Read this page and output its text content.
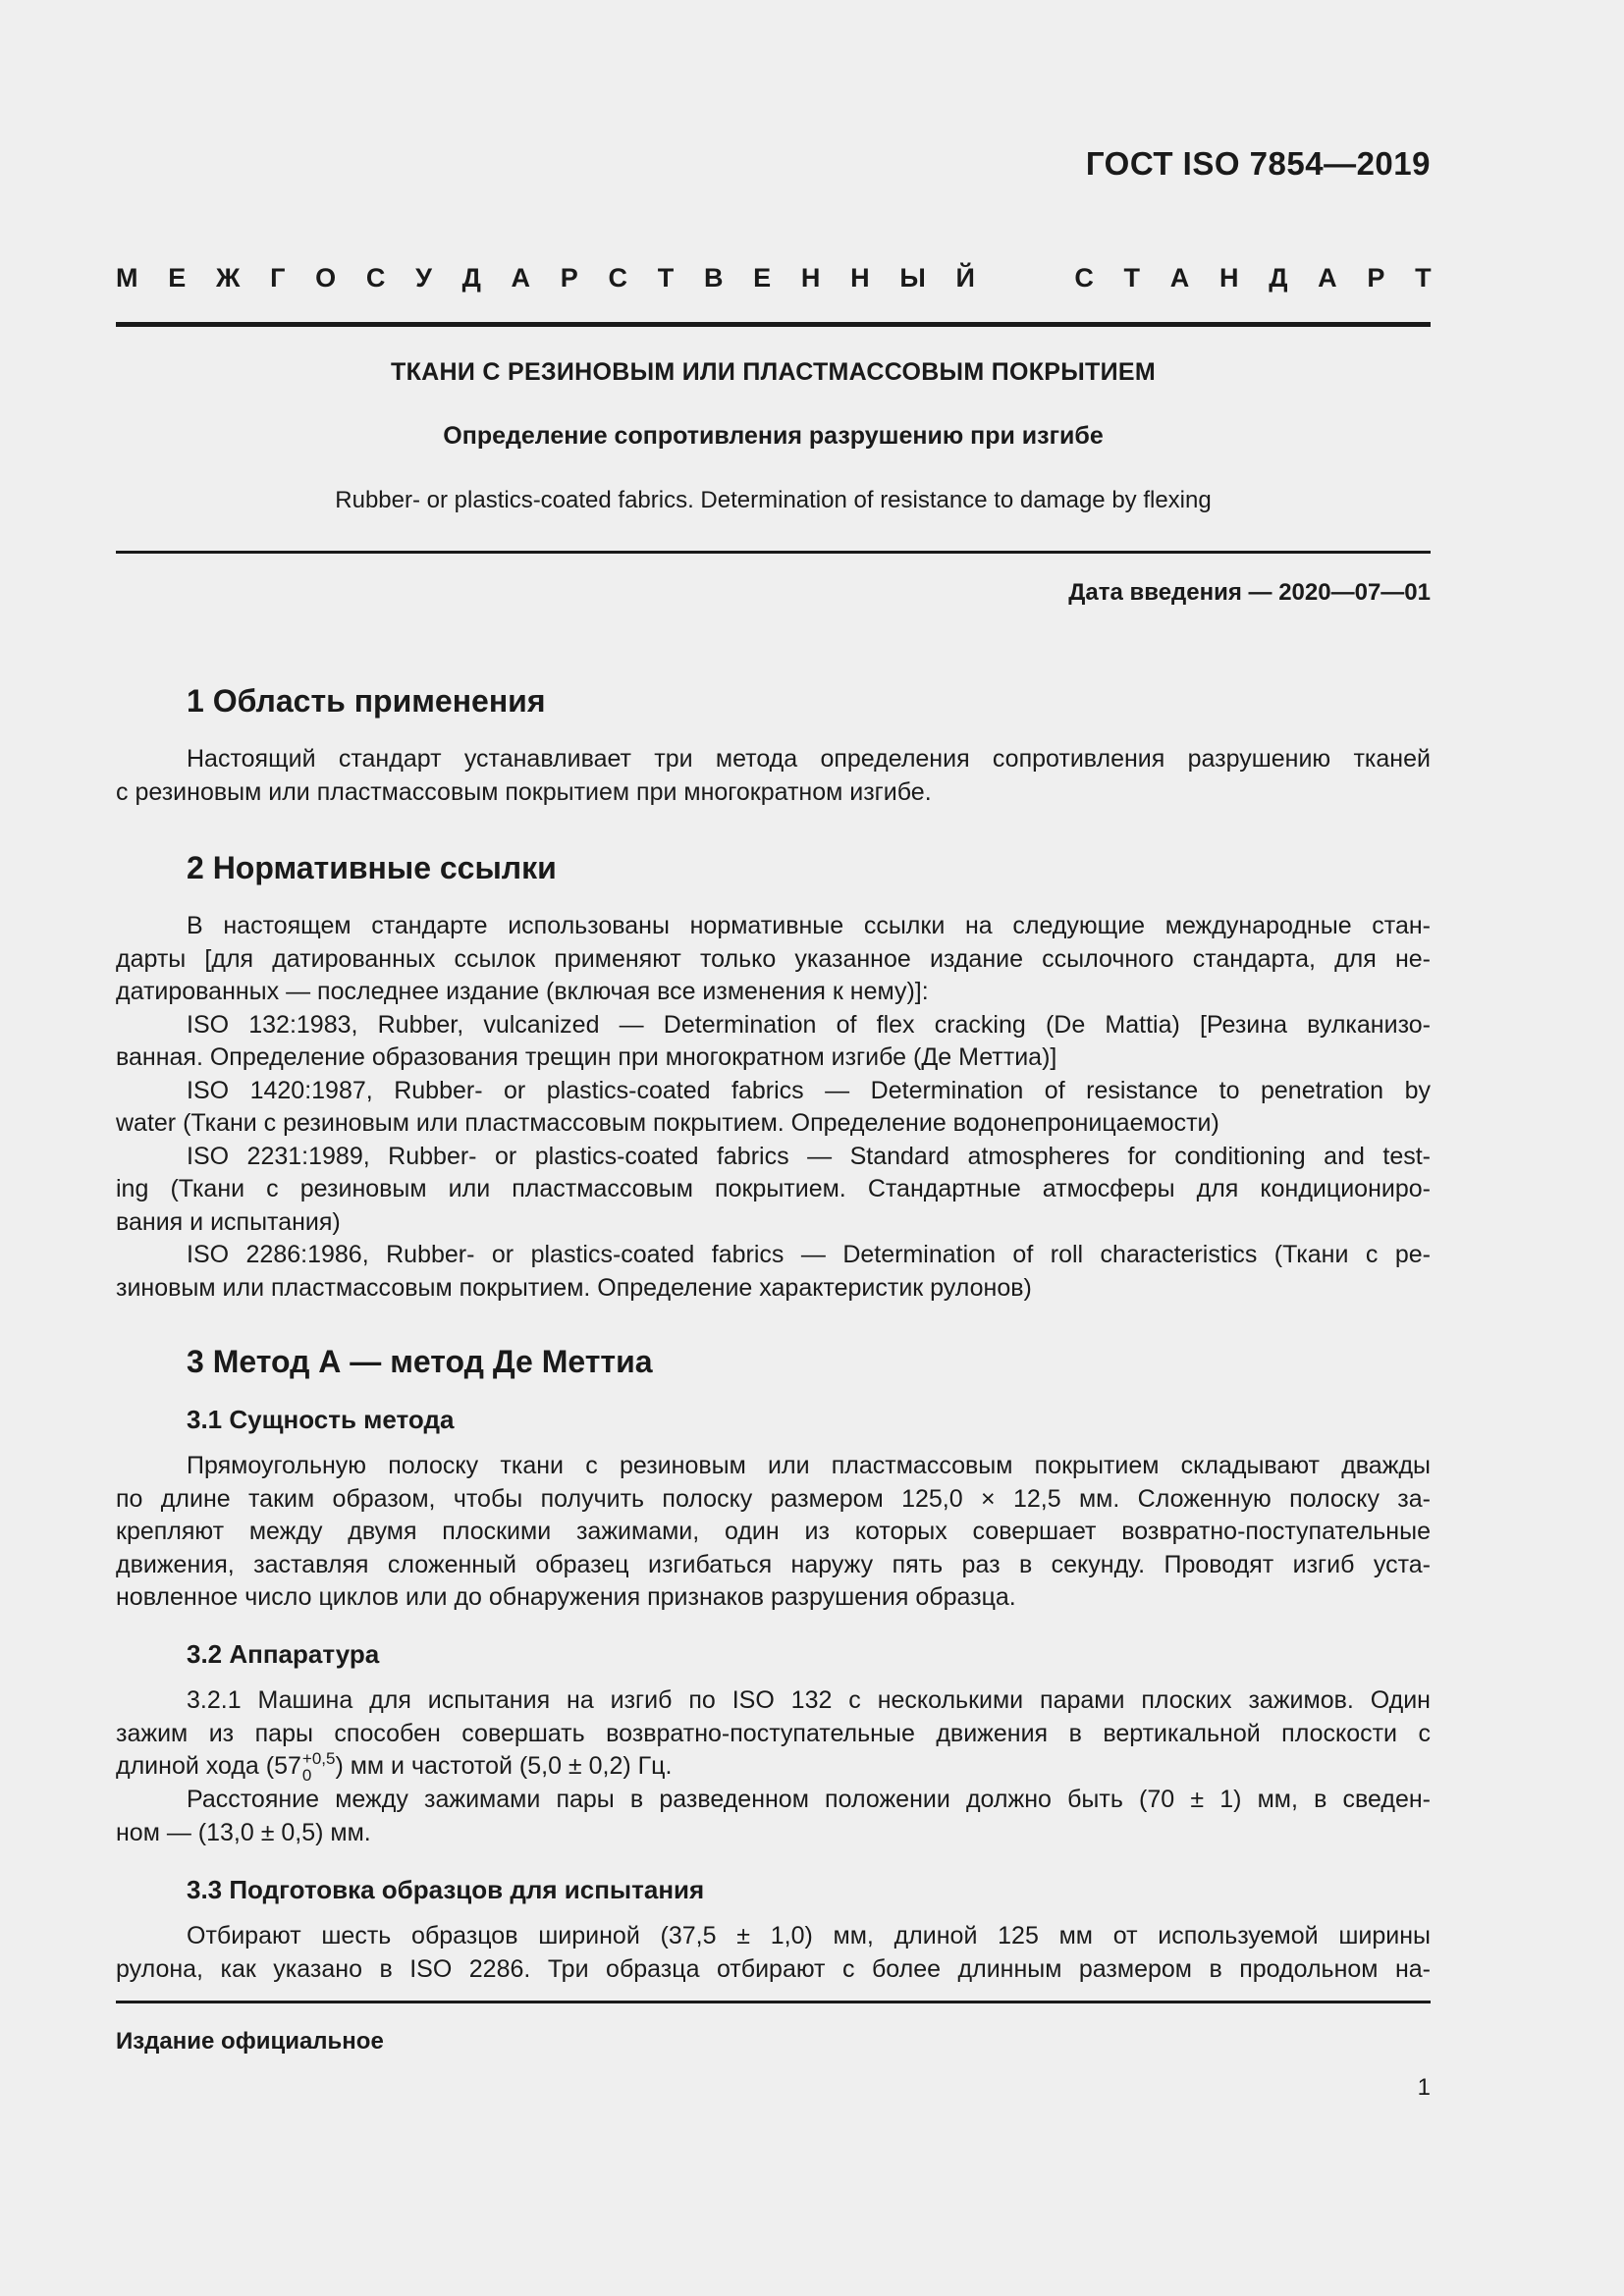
ГОСТ ISO 7854—2019
М Е Ж Г О С У Д А Р С Т В Е Н Н Ы Й	С Т А Н Д А Р Т
ТКАНИ С РЕЗИНОВЫМ ИЛИ ПЛАСТМАССОВЫМ ПОКРЫТИЕМ
Определение сопротивления разрушению при изгибе
Rubber- or plastics-coated fabrics. Determination of resistance to damage by flexing
Дата введения — 2020—07—01
1 Область применения
Настоящий стандарт устанавливает три метода определения сопротивления разрушению тканей
с резиновым или пластмассовым покрытием при многократном изгибе.
2 Нормативные ссылки
В настоящем стандарте использованы нормативные ссылки на следующие международные стан-
дарты [для датированных ссылок применяют только указанное издание ссылочного стандарта, для не-
датированных — последнее издание (включая все изменения к нему)]:
ISO 132:1983, Rubber, vulcanized — Determination of flex cracking (De Mattia) [Резина вулканизо-
ванная. Определение образования трещин при многократном изгибе (Де Меттиа)]
ISO 1420:1987, Rubber- or plastics-coated fabrics — Determination of resistance to penetration by
water (Ткани с резиновым или пластмассовым покрытием. Определение водонепроницаемости)
ISO 2231:1989, Rubber- or plastics-coated fabrics — Standard atmospheres for conditioning and test-
ing (Ткани с резиновым или пластмассовым покрытием. Стандартные атмосферы для кондициониро-
вания и испытания)
ISO 2286:1986, Rubber- or plastics-coated fabrics — Determination of roll characteristics (Ткани с ре-
зиновым или пластмассовым покрытием. Определение характеристик рулонов)
3 Метод А — метод Де Меттиа
3.1 Сущность метода
Прямоугольную полоску ткани с резиновым или пластмассовым покрытием складывают дважды
по длине таким образом, чтобы получить полоску размером 125,0 × 12,5 мм. Сложенную полоску за-
крепляют между двумя плоскими зажимами, один из которых совершает возвратно-поступательные
движения, заставляя сложенный образец изгибаться наружу пять раз в секунду. Проводят изгиб уста-
новленное число циклов или до обнаружения признаков разрушения образца.
3.2 Аппаратура
3.2.1 Машина для испытания на изгиб по ISO 132 с несколькими парами плоских зажимов. Один
зажим из пары способен совершать возвратно-поступательные движения в вертикальной плоскости с
длиной хода (57 +0,5
0 ) мм и частотой (5,0 ± 0,2) Гц.
Расстояние между зажимами пары в разведенном положении должно быть (70 ± 1) мм, в сведен-
ном — (13,0 ± 0,5) мм.
3.3 Подготовка образцов для испытания
Отбирают шесть образцов шириной (37,5 ± 1,0) мм, длиной 125 мм от используемой ширины
рулона, как указано в ISO 2286. Три образца отбирают с более длинным размером в продольном на-
Издание официальное
1
